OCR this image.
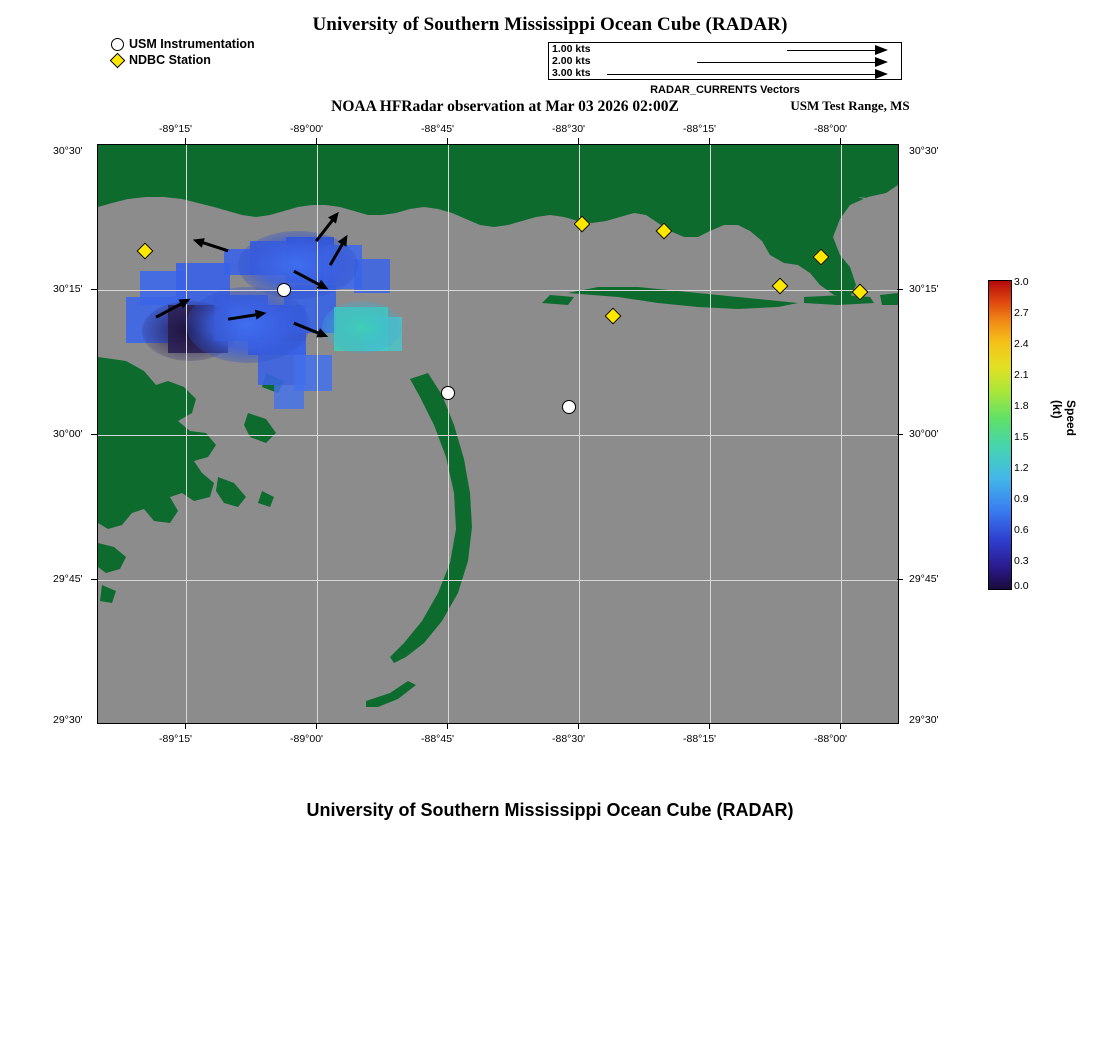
University of Southern Mississippi Ocean Cube (RADAR)
USM Instrumentation
NDBC Station
1.00 kts
2.00 kts
3.00 kts
RADAR_CURRENTS Vectors
NOAA HFRadar observation at Mar 03 2026 02:00Z	USM Test Range, MS
-89°15'	-89°00'	-88°45'	-88°30'	-88°15'	-88°00'
-89°15'	-89°00'	-88°45'	-88°30'	-88°15'	-88°00'
30°30'
30°15'
30°00'
29°45'
29°30'
30°30'
30°15'
30°00'
29°45'
29°30'
3.0
2.7
2.4
2.1
1.8
1.5
1.2
0.9
0.6
0.3
0.0
Speed (kt)
University of Southern Mississippi Ocean Cube (RADAR)
